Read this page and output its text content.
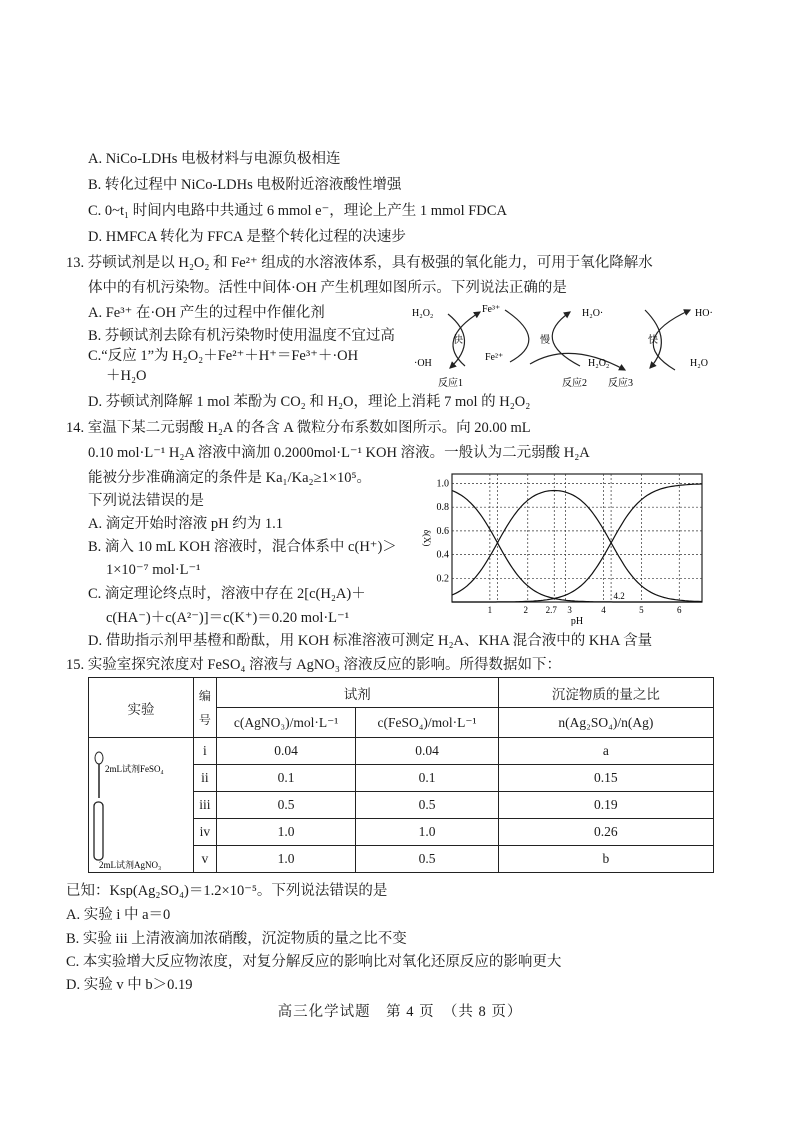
A. NiCo-LDHs 电极材料与电源负极相连
B. 转化过程中 NiCo-LDHs 电极附近溶液酸性增强
C. 0~t₁ 时间内电路中共通过 6 mmol e⁻，理论上产生 1 mmol FDCA
D. HMFCA 转化为 FFCA 是整个转化过程的决速步
13. 芬顿试剂是以 H₂O₂ 和 Fe²⁺ 组成的水溶液体系，具有极强的氧化能力，可用于氧化降解水
体中的有机污染物。活性中间体·OH 产生机理如图所示。下列说法正确的是
A. Fe³⁺ 在·OH 产生的过程中作催化剂
B. 芬顿试剂去除有机污染物时使用温度不宜过高
C.“反应 1”为 H₂O₂＋Fe²⁺＋H⁺＝Fe³⁺＋·OH
＋H₂O
D. 芬顿试剂降解 1 mol 苯酚为 CO₂ 和 H₂O，理论上消耗 7 mol 的 H₂O₂
H₂O₂	Fe³⁺	H₂O·	HO·
·OH
Fe²⁺
H₂O₂	H₂O
快	慢	快
反应1	反应2 反应3
14. 室温下某二元弱酸 H₂A 的各含 A 微粒分布系数如图所示。向 20.00 mL
0.10 mol·L⁻¹ H₂A 溶液中滴加 0.2000mol·L⁻¹ KOH 溶液。一般认为二元弱酸 H₂A
能被分步准确滴定的条件是 Ka₁/Ka₂≥1×10⁵。
下列说法错误的是
A. 滴定开始时溶液 pH 约为 1.1
B. 滴入 10 mL KOH 溶液时，混合体系中 c(H⁺)＞
1×10⁻⁷ mol·L⁻¹
C. 滴定理论终点时，溶液中存在 2[c(H₂A)＋
c(HA⁻)＋c(A²⁻)]＝c(K⁺)＝0.20 mol·L⁻¹
D. 借助指示剂甲基橙和酚酞，用 KOH 标准溶液可测定 H₂A、KHA 混合液中的 KHA 含量
0.2
0.4
0.6
0.8
1.0
1	2 2.7 3	4	5	6
4.2
pH
δ(X)
15. 实验室探究浓度对 FeSO₄ 溶液与 AgNO₃ 溶液反应的影响。所得数据如下：
实验	编号	试剂		沉淀物质的量之比
		c(AgNO₃)/mol·L⁻¹	c(FeSO₄)/mol·L⁻¹	n(Ag₂SO₄)/n(Ag)

2mL试剂FeSO₄
2mL试剂AgNO₃	i	0.04	0.04	a
	ii	0.1	0.1	0.15
	iii	0.5	0.5	0.19
	iv	1.0	1.0	0.26
	v	1.0	0.5	b
已知：Ksp(Ag₂SO₄)＝1.2×10⁻⁵。下列说法错误的是
A. 实验 i 中 a＝0
B. 实验 iii 上清液滴加浓硝酸，沉淀物质的量之比不变
C. 本实验增大反应物浓度，对复分解反应的影响比对氧化还原反应的影响更大
D. 实验 v 中 b＞0.19
高三化学试题　第 4 页　（共 8 页）
